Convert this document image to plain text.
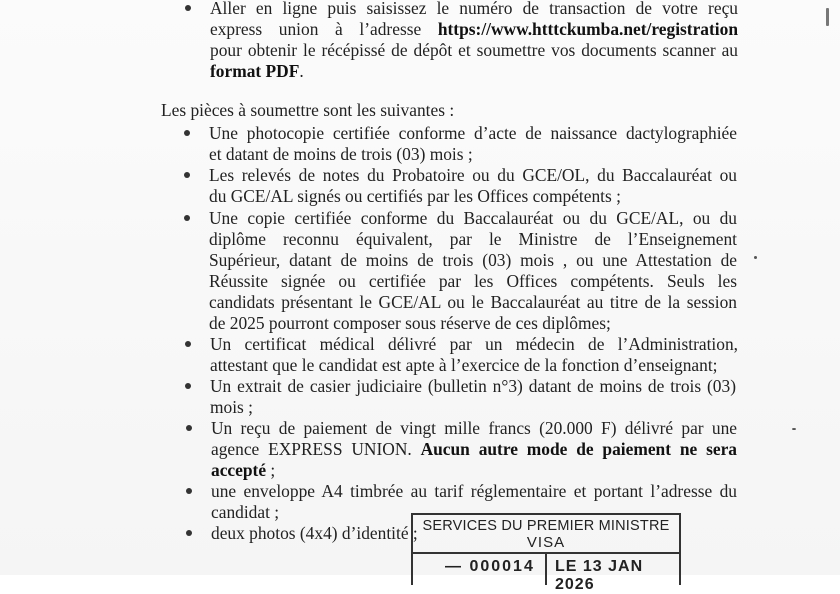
Aller en ligne puis saisissez le numéro de transaction de votre reçu
express union à l’adresse https://www.htttckumba.net/registration
pour obtenir le récépissé de dépôt et soumettre vos documents scanner au
format PDF.
Les pièces à soumettre sont les suivantes :
Une photocopie certifiée conforme d’acte de naissance dactylographiée
et datant de moins de trois (03) mois ;
Les relevés de notes du Probatoire ou du GCE/OL, du Baccalauréat ou
du GCE/AL signés ou certifiés par les Offices compétents ;
Une copie certifiée conforme du Baccalauréat ou du GCE/AL, ou du
diplôme reconnu équivalent, par le Ministre de l’Enseignement
Supérieur, datant de moins de trois (03) mois , ou une Attestation de
Réussite signée ou certifiée par les Offices compétents. Seuls les
candidats présentant le GCE/AL ou le Baccalauréat au titre de la session
de 2025 pourront composer sous réserve de ces diplômes;
Un certificat médical délivré par un médecin de l’Administration,
attestant que le candidat est apte à l’exercice de la fonction d’enseignant;
Un extrait de casier judiciaire (bulletin n°3) datant de moins de trois (03)
mois ;
Un reçu de paiement de vingt mille francs (20.000 F) délivré par une
agence EXPRESS UNION. Aucun autre mode de paiement ne sera
accepté ;
une enveloppe A4 timbrée au tarif réglementaire et portant l’adresse du
candidat ;
deux photos (4x4) d’identité ; SERVICES DU PREMIER MINISTRE
VISA
— 000014 LE 13 JAN 2026
